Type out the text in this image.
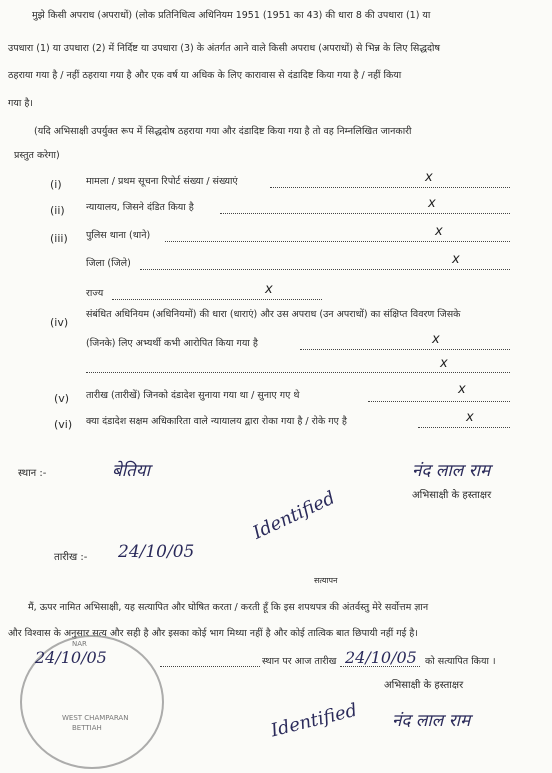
मुझे किसी अपराध (अपराधों) (लोक प्रतिनिधित्व अधिनियम 1951 (1951 का 43) की धारा 8 की उपधारा (1) या
उपधारा (1) या उपधारा (2) में निर्दिष्ट या उपधारा (3) के अंतर्गत आने वाले किसी अपराध (अपराधों) से भिन्न के लिए सिद्धदोष
ठहराया गया है / नहीं ठहराया गया है और एक वर्ष या अधिक के लिए कारावास से दंडादिष्ट किया गया है / नहीं किया
गया है।
(यदि अभिसाक्षी उपर्युक्त रूप में सिद्धदोष ठहराया गया और दंडादिष्ट किया गया है तो वह निम्नलिखित जानकारी
प्रस्तुत करेगा)
(i)	मामला / प्रथम सूचना रिपोर्ट संख्या / संख्याएं	x
(ii) न्यायालय, जिसने दंडित किया है	x
(iii) पुलिस थाना (थाने)	x
जिला (जिले)	x
राज्य	x
(iv)
संबंधित अधिनियम (अधिनियमों) की धारा (धाराएं) और उस अपराध (उन अपराधों) का संक्षिप्त विवरण जिसके
(जिनके) लिए अभ्यर्थी कभी आरोपित किया गया है	x
x
(v) तारीख (तारीखें) जिनको दंडादेश सुनाया गया था / सुनाए गए थे	x
(vi) क्या दंडादेश सक्षम अधिकारिता वाले न्यायालय द्वारा रोका गया है / रोके गए है	x
स्थान :-	बेतिया	नंद लाल राम
अभिसाक्षी के हस्ताक्षर
Identified
तारीख :- 24/10/05
सत्यापन
मैं, ऊपर नामित अभिसाक्षी, यह सत्यापित और घोषित करता / करती हूँ कि इस शपथपत्र की अंतर्वस्तु मेरे सर्वोत्तम ज्ञान
और विश्वास के अनुसार सत्य और सही है और इसका कोई भाग मिथ्या नहीं है और कोई तात्विक बात छिपायी नहीं गई है।
स्थान पर आज तारीख 24/10/05 को सत्यापित किया ।
अभिसाक्षी के हस्ताक्षर
Identified नंद लाल राम
NAR
24/10/05
WEST CHAMPARAN
BETTIAH
